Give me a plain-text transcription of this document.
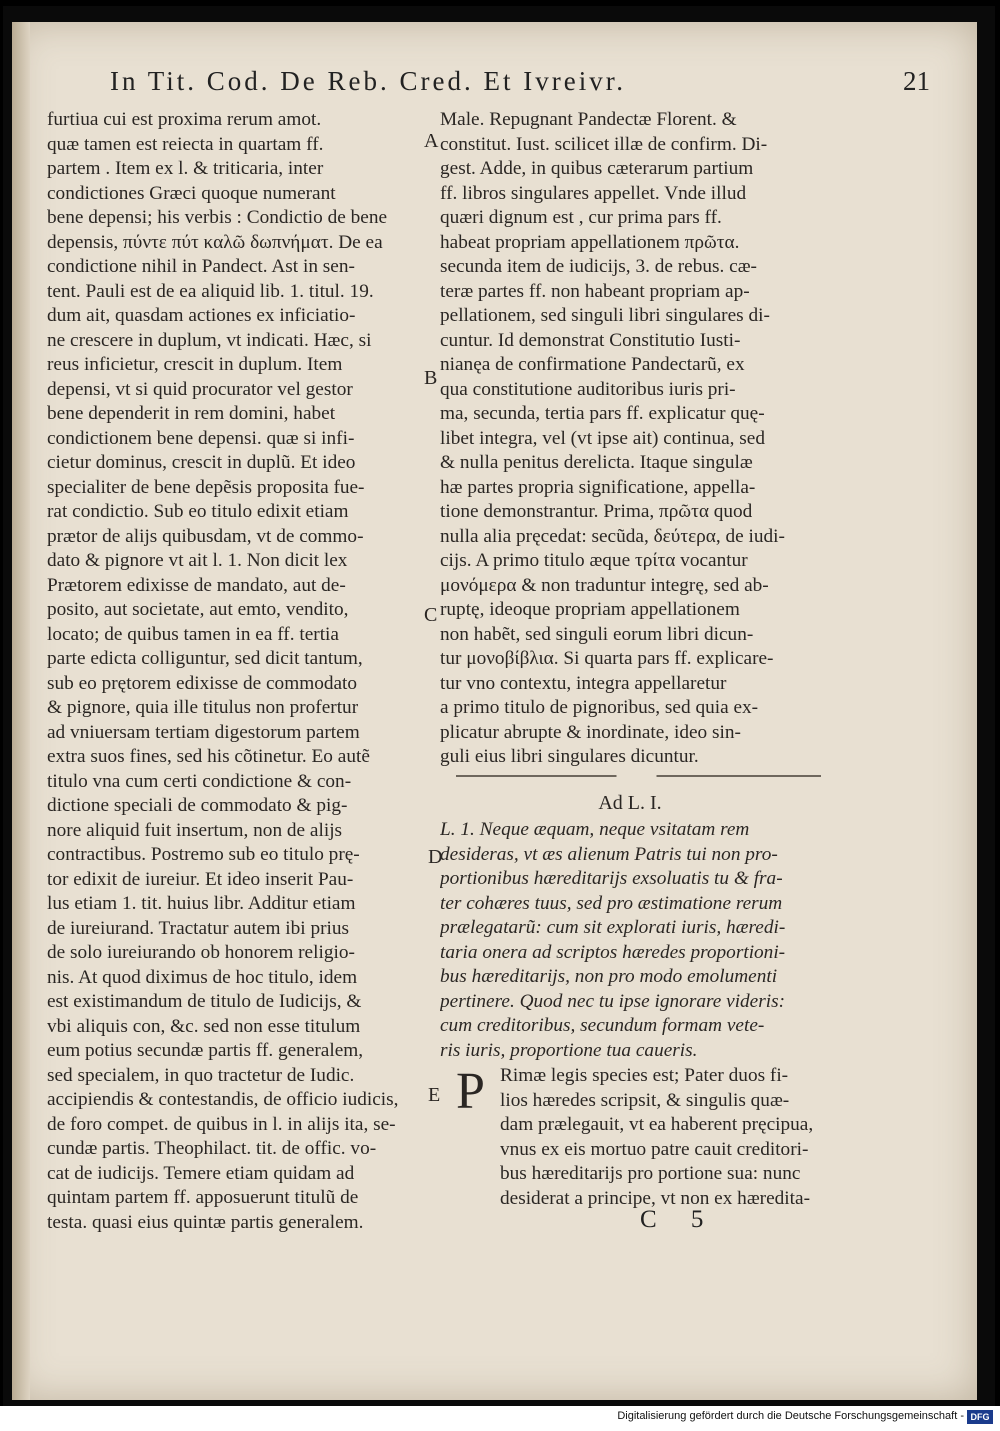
In Tit. Cod. De Reb. Cred. Et Ivreivr.	21
furtiua cui est proxima rerum amot.
quæ tamen est reiecta in quartam ff.
partem . Item ex l. & triticaria, inter
condictiones Græci quoque numerant
bene depensi; his verbis : Condictio de bene
depensis, πύντε πύτ καλῶ δωπνήματ. De ea
condictione nihil in Pandect. Ast in sen-
tent. Pauli est de ea aliquid lib. 1. titul. 19.
dum ait, quasdam actiones ex inficiatio-
ne crescere in duplum, vt indicati. Hæc, si
reus inficietur, crescit in duplum. Item
depensi, vt si quid procurator vel gestor
bene dependerit in rem domini, habet
condictionem bene depensi. quæ si infi-
cietur dominus, crescit in duplũ. Et ideo
specialiter de bene depẽsis proposita fue-
rat condictio. Sub eo titulo edixit etiam
prætor de alijs quibusdam, vt de commo-
dato & pignore vt ait l. 1. Non dicit lex
Prætorem edixisse de mandato, aut de-
posito, aut societate, aut emto, vendito,
locato; de quibus tamen in ea ff. tertia
parte edicta colliguntur, sed dicit tantum,
sub eo prętorem edixisse de commodato
& pignore, quia ille titulus non profertur
ad vniuersam tertiam digestorum partem
extra suos fines, sed his cõtinetur. Eo autẽ
titulo vna cum certi condictione & con-
dictione speciali de commodato & pig-
nore aliquid fuit insertum, non de alijs
contractibus. Postremo sub eo titulo prę-
tor edixit de iureiur. Et ideo inserit Pau-
lus etiam 1. tit. huius libr. Additur etiam
de iureiurand. Tractatur autem ibi prius
de solo iureiurando ob honorem religio-
nis. At quod diximus de hoc titulo, idem
est existimandum de titulo de Iudicijs, &
vbi aliquis con, &c. sed non esse titulum
eum potius secundæ partis ff. generalem,
sed specialem, in quo tractetur de Iudic.
accipiendis & contestandis, de officio iudicis,
de foro compet. de quibus in l. in alijs ita, se-
cundæ partis. Theophilact. tit. de offic. vo-
cat de iudicijs. Temere etiam quidam ad
quintam partem ff. apposuerunt titulũ de
testa. quasi eius quintæ partis generalem.
Male. Repugnant Pandectæ Florent. &
constitut. Iust. scilicet illæ de confirm. Di-
gest. Adde, in quibus cæterarum partium
ff. libros singulares appellet. Vnde illud
quæri dignum est , cur prima pars ff.
habeat propriam appellationem πρῶτα.
secunda item de iudicijs, 3. de rebus. cæ-
teræ partes ff. non habeant propriam ap-
pellationem, sed singuli libri singulares di-
cuntur. Id demonstrat Constitutio Iusti-
nianęa de confirmatione Pandectarũ, ex
qua constitutione auditoribus iuris pri-
ma, secunda, tertia pars ff. explicatur quę-
libet integra, vel (vt ipse ait) continua, sed
& nulla penitus derelicta. Itaque singulæ
hæ partes propria significatione, appella-
tione demonstrantur. Prima, πρῶτα quod
nulla alia pręcedat: secũda, δεύτερα, de iudi-
cijs. A primo titulo æque τρίτα vocantur
μονόμερα & non traduntur integrę, sed ab-
ruptę, ideoque propriam appellationem
non habẽt, sed singuli eorum libri dicun-
tur μονοβίβλια. Si quarta pars ff. explicare-
tur vno contextu, integra appellaretur
a primo titulo de pignoribus, sed quia ex-
plicatur abrupte & inordinate, ideo sin-
guli eius libri singulares dicuntur.
Ad L. I.
L. 1. Neque æquam, neque vsitatam rem
desideras, vt æs alienum Patris tui non pro-
portionibus hæreditarijs exsoluatis tu & fra-
ter cohæres tuus, sed pro æstimatione rerum
prælegatarũ: cum sit explorati iuris, hæredi-
taria onera ad scriptos hæredes proportioni-
bus hæreditarijs, non pro modo emolumenti
pertinere. Quod nec tu ipse ignorare videris:
cum creditoribus, secundum formam vete-
ris iuris, proportione tua caueris.
P Rimæ legis species est; Pater duos fi-
lios hæredes scripsit, & singulis quæ-
dam prælegauit, vt ea haberent pręcipua,
vnus ex eis mortuo patre cauit creditori-
bus hæreditarijs pro portione sua: nunc
desiderat a principe, vt non ex hæredita-
A
B
C
D
E
C 5
Digitalisierung gefördert durch die Deutsche Forschungsgemeinschaft - DFG
